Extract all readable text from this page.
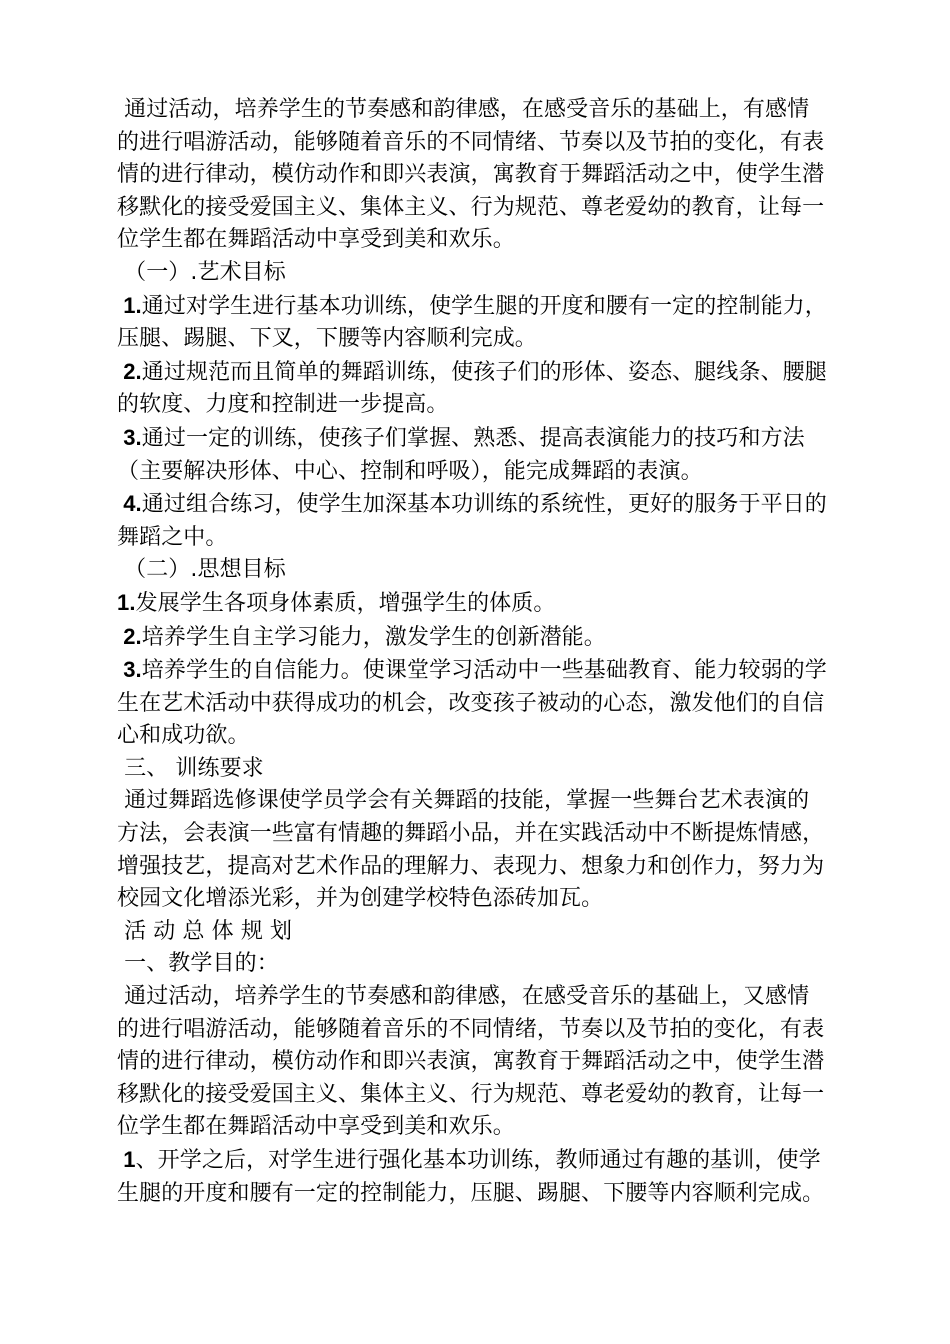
通过活动，培养学生的节奏感和韵律感，在感受音乐的基础上，有感情的进行唱游活动，能够随着音乐的不同情绪、节奏以及节拍的变化，有表情的进行律动，模仿动作和即兴表演，寓教育于舞蹈活动之中，使学生潜移默化的接受爱国主义、集体主义、行为规范、尊老爱幼的教育，让每一位学生都在舞蹈活动中享受到美和欢乐。

（一）.艺术目标

1.通过对学生进行基本功训练，使学生腿的开度和腰有一定的控制能力，压腿、踢腿、下叉，下腰等内容顺利完成。

2.通过规范而且简单的舞蹈训练，使孩子们的形体、姿态、腿线条、腰腿的软度、力度和控制进一步提高。

3.通过一定的训练，使孩子们掌握、熟悉、提高表演能力的技巧和方法（主要解决形体、中心、控制和呼吸），能完成舞蹈的表演。

4.通过组合练习，使学生加深基本功训练的系统性，更好的服务于平日的舞蹈之中。

（二）.思想目标

1.发展学生各项身体素质，增强学生的体质。

2.培养学生自主学习能力，激发学生的创新潜能。

3.培养学生的自信能力。使课堂学习活动中一些基础教育、能力较弱的学生在艺术活动中获得成功的机会，改变孩子被动的心态，激发他们的自信心和成功欲。

三、 训练要求

通过舞蹈选修课使学员学会有关舞蹈的技能，掌握一些舞台艺术表演的方法，会表演一些富有情趣的舞蹈小品，并在实践活动中不断提炼情感，增强技艺，提高对艺术作品的理解力、表现力、想象力和创作力，努力为校园文化增添光彩，并为创建学校特色添砖加瓦。

活 动 总 体 规 划

一、教学目的：

通过活动，培养学生的节奏感和韵律感，在感受音乐的基础上，又感情的进行唱游活动，能够随着音乐的不同情绪，节奏以及节拍的变化，有表情的进行律动，模仿动作和即兴表演，寓教育于舞蹈活动之中，使学生潜移默化的接受爱国主义、集体主义、行为规范、尊老爱幼的教育，让每一位学生都在舞蹈活动中享受到美和欢乐。

1、开学之后，对学生进行强化基本功训练，教师通过有趣的基训，使学生腿的开度和腰有一定的控制能力，压腿、踢腿、下腰等内容顺利完成。
